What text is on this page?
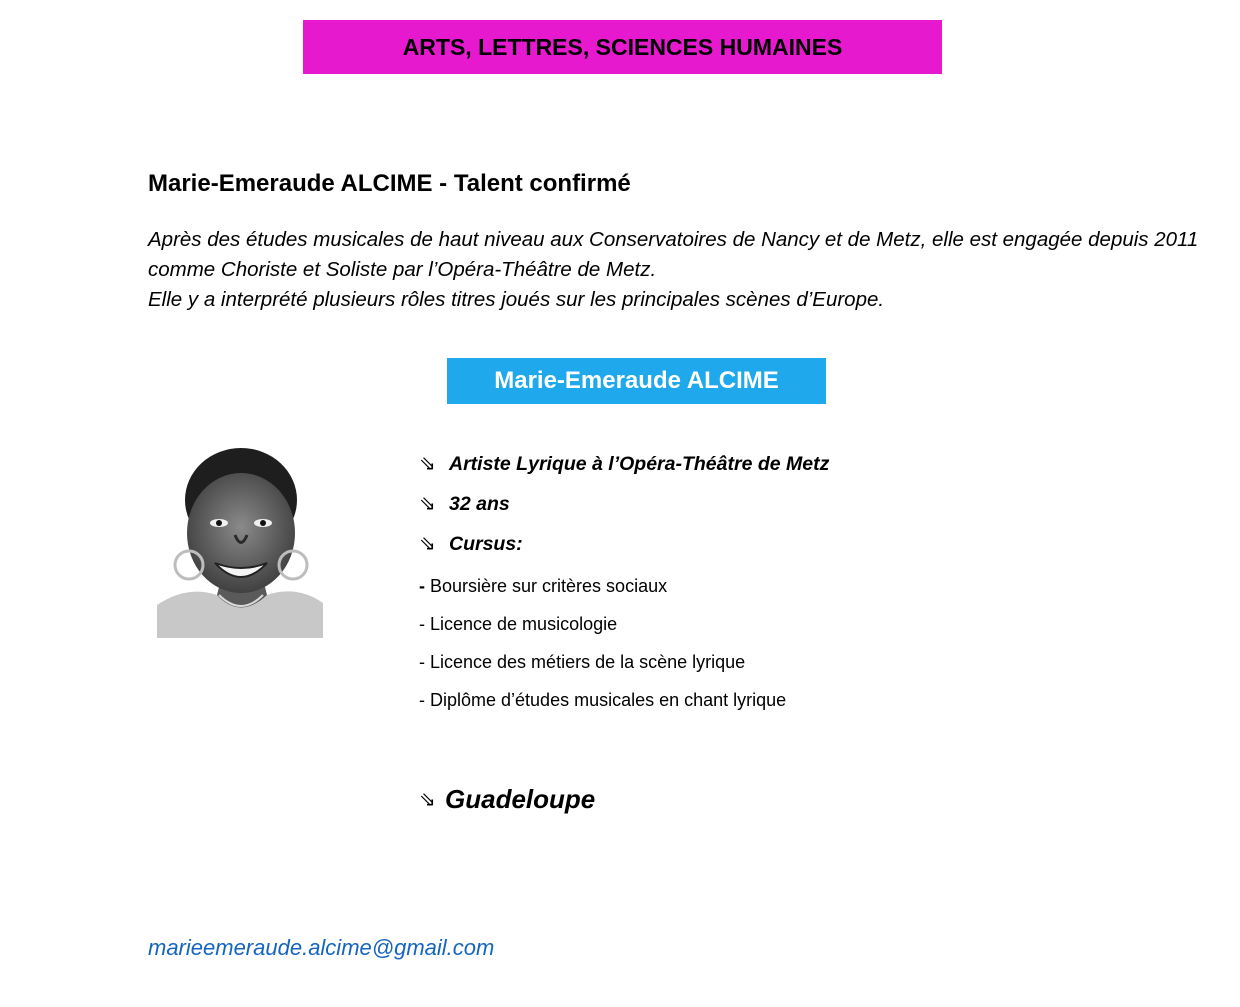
ARTS, LETTRES, SCIENCES HUMAINES
Marie-Emeraude ALCIME - Talent confirmé

Après des études musicales de haut niveau aux Conservatoires de Nancy et de Metz, elle est engagée depuis 2011 comme Choriste et Soliste par l’Opéra-Théâtre de Metz.

Elle y a interprété plusieurs rôles titres joués sur les principales scènes d’Europe.

Marie-Emeraude ALCIME
⇘ Artiste Lyrique à l’Opéra-Théâtre de Metz
⇘ 32 ans
⇘ Cursus:
- Boursière sur critères sociaux
- Licence de musicologie
- Licence des métiers de la scène lyrique
- Diplôme d’études musicales en chant lyrique
⇘ Guadeloupe
marieemeraude.alcime@gmail.com
